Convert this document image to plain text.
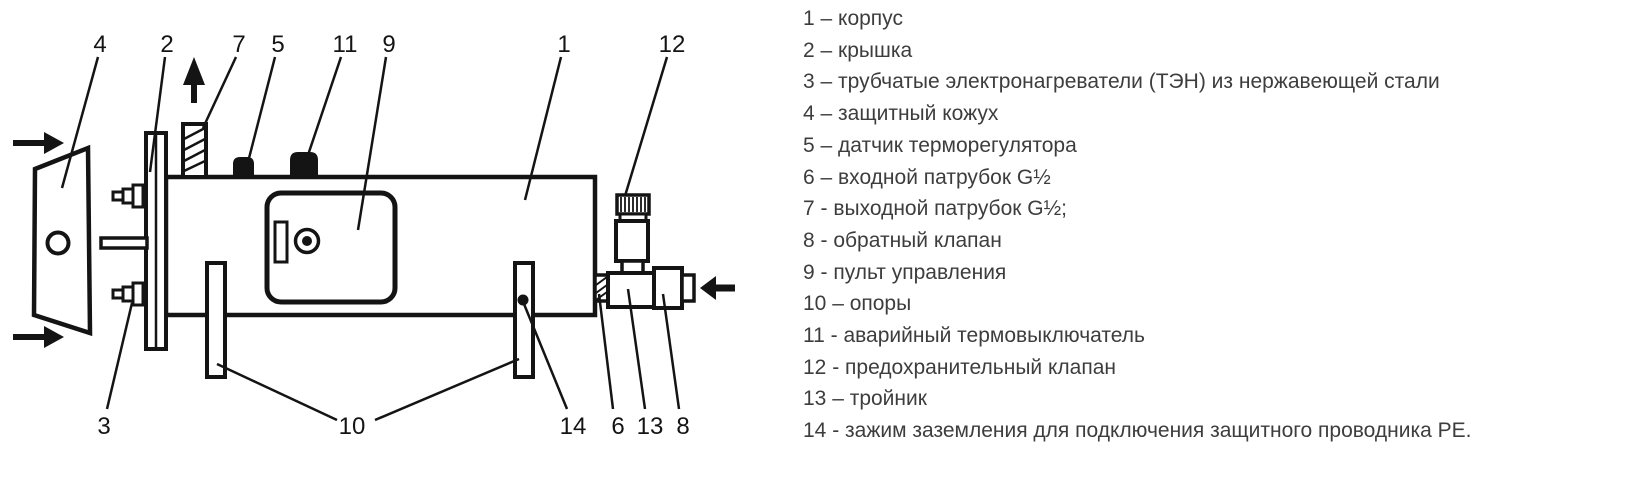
4 2 7 5 11 9	1	12
3	10	14 6 13 8
1 – корпус
2 – крышка
3 – трубчатые электронагреватели (ТЭН) из нержавеющей стали
4 – защитный кожух
5 – датчик терморегулятора
6 – входной патрубок G½
7 - выходной патрубок G½;
8 - обратный клапан
9 - пульт управления
10 – опоры
11 - аварийный термовыключатель
12 - предохранительный клапан
13 – тройник
14 - зажим заземления для подключения защитного проводника PE.
